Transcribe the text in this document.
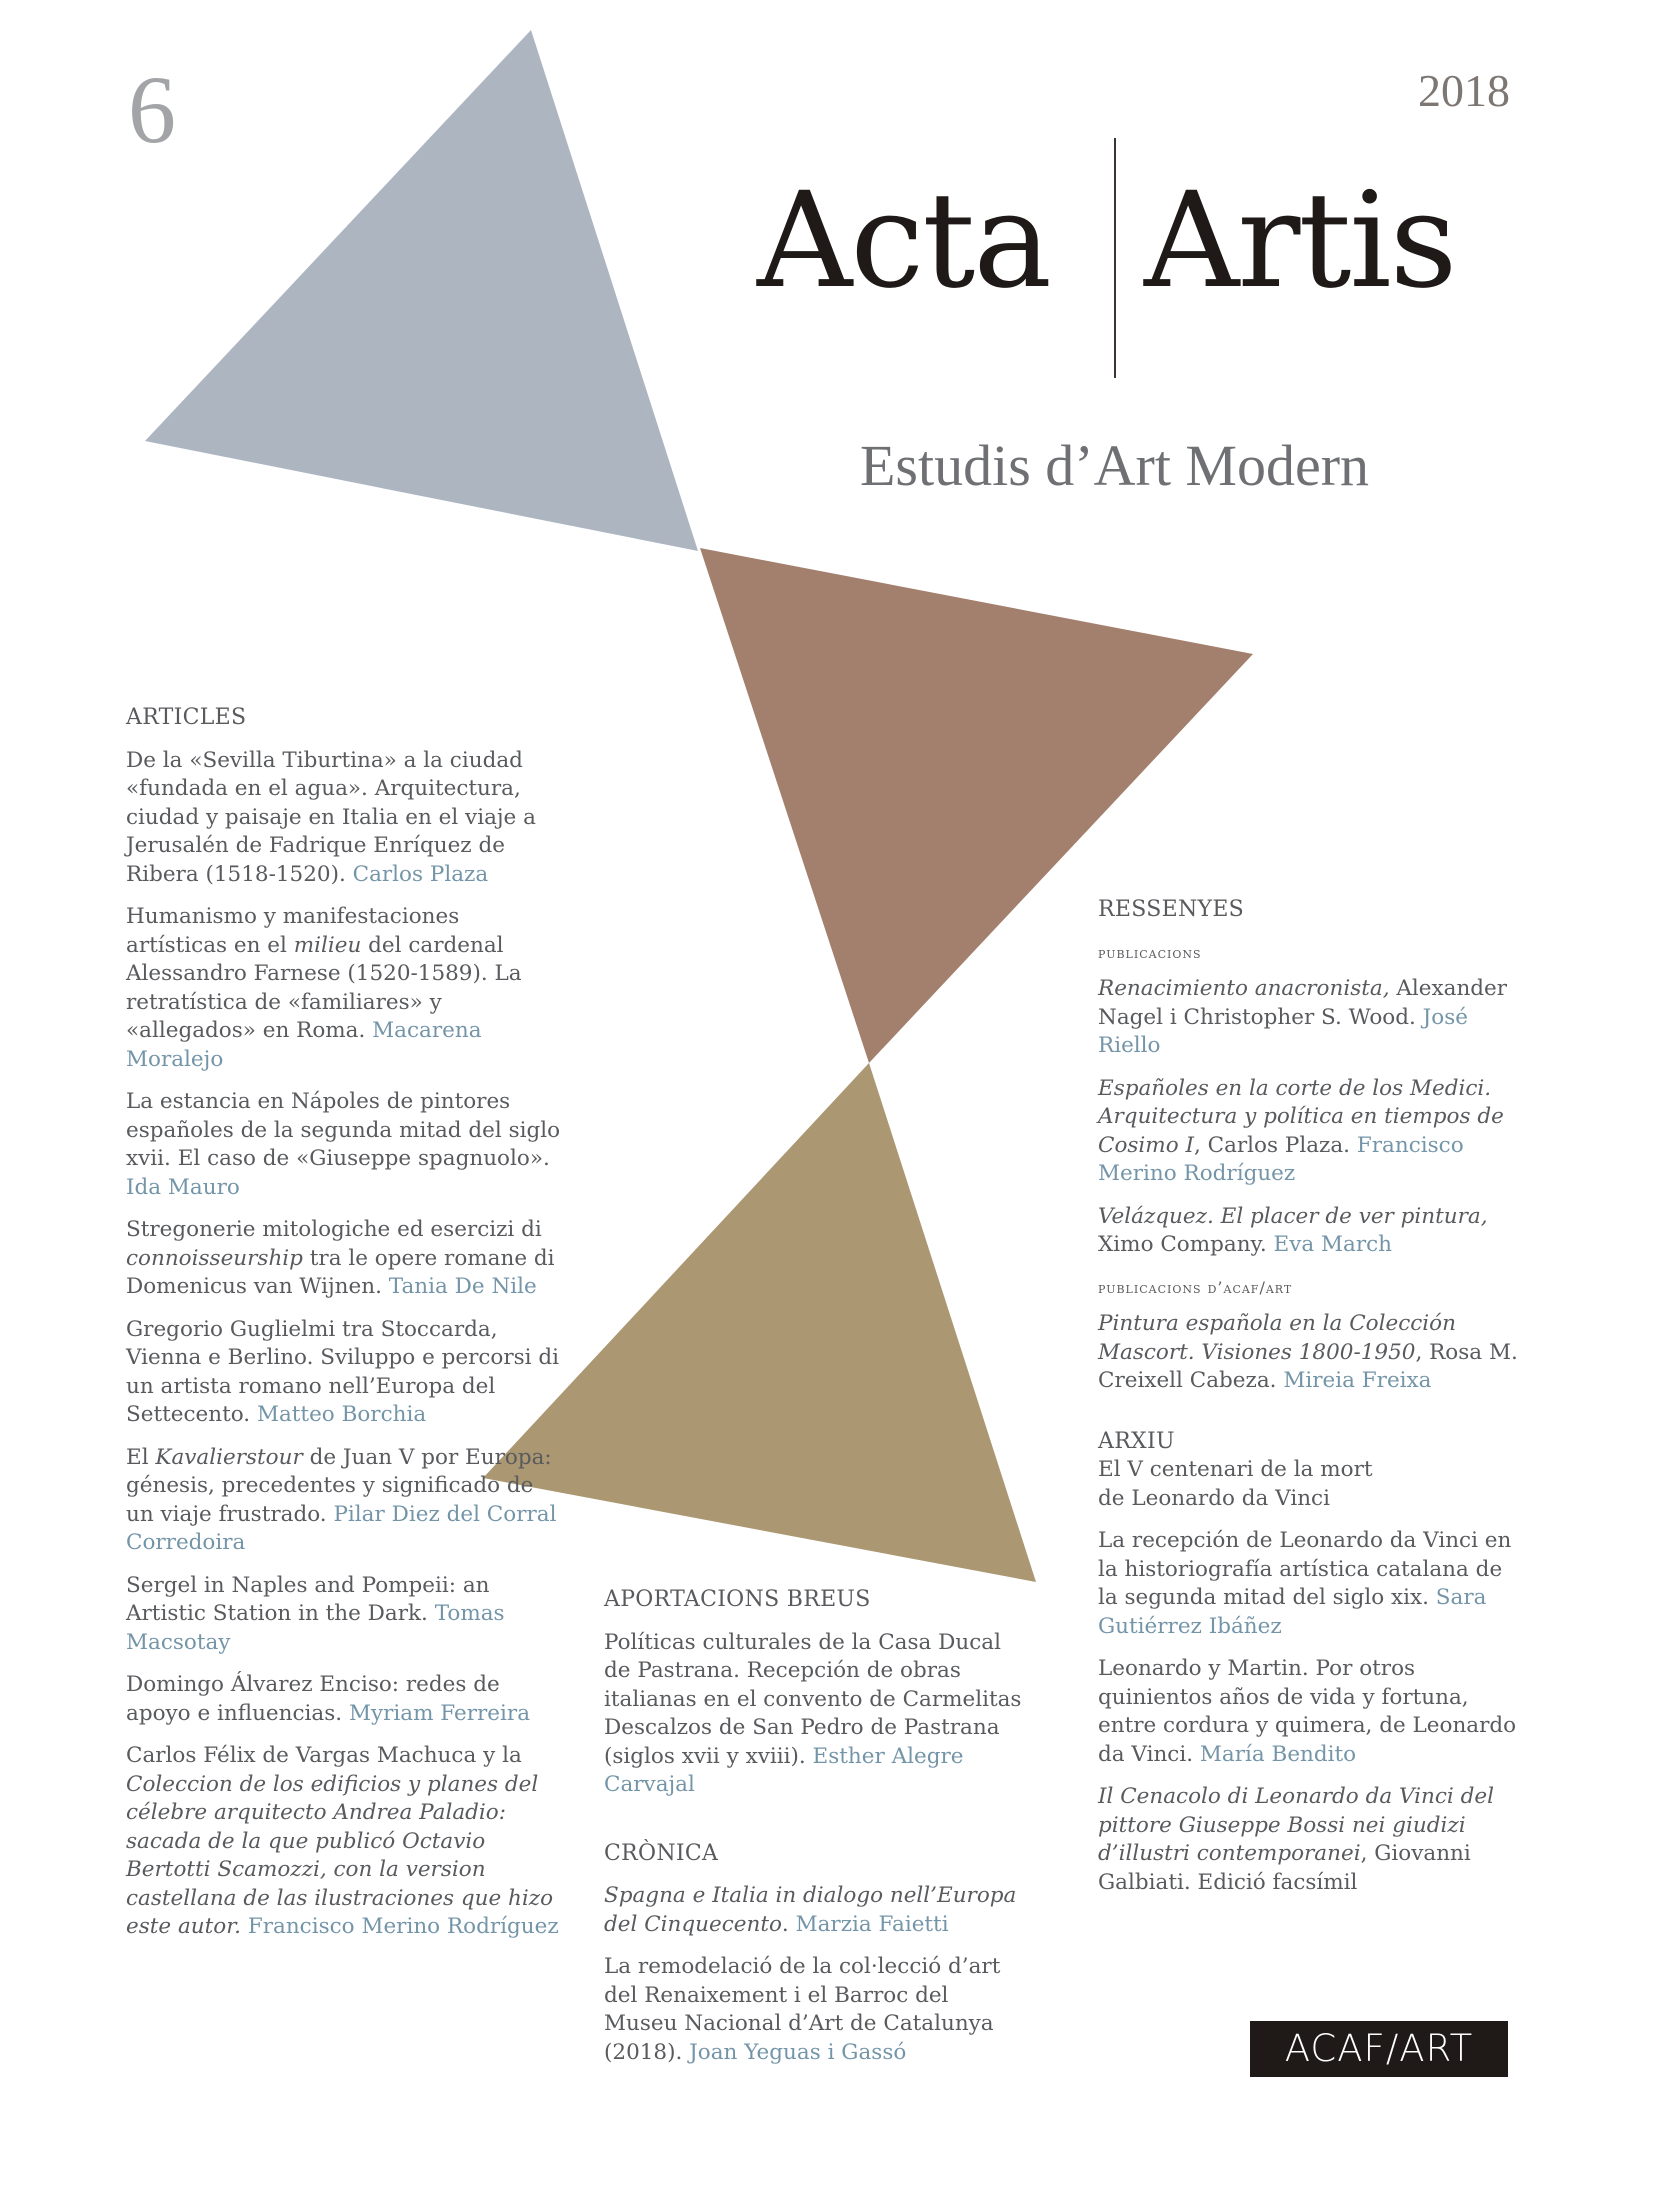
6	2018
Acta Artis
Estudis d’Art Modern
ARTICLES
De la «Sevilla Tiburtina» a la ciudad «fundada en el agua». Arquitectura, ciudad y paisaje en Italia en el viaje a Jerusalén de Fadrique Enríquez de Ribera (1518-1520). Carlos Plaza
Humanismo y manifestaciones artísticas en el milieu del cardenal Alessandro Farnese (1520-1589). La retratística de «familiares» y «allegados» en Roma. Macarena Moralejo
La estancia en Nápoles de pintores españoles de la segunda mitad del siglo xvii. El caso de «Giuseppe spagnuolo». Ida Mauro
Stregonerie mitologiche ed esercizi di connoisseurship tra le opere romane di Domenicus van Wijnen. Tania De Nile
Gregorio Guglielmi tra Stoccarda, Vienna e Berlino. Sviluppo e percorsi di un artista romano nell’Europa del Settecento. Matteo Borchia
El Kavalierstour de Juan V por Europa: génesis, precedentes y significado de un viaje frustrado. Pilar Diez del Corral Corredoira
Sergel in Naples and Pompeii: an Artistic Station in the Dark. Tomas Macsotay
Domingo Álvarez Enciso: redes de apoyo e influencias. Myriam Ferreira
Carlos Félix de Vargas Machuca y la Coleccion de los edificios y planes del célebre arquitecto Andrea Paladio: sacada de la que publicó Octavio Bertotti Scamozzi, con la version castellana de las ilustraciones que hizo este autor. Francisco Merino Rodríguez
APORTACIONS BREUS
Políticas culturales de la Casa Ducal de Pastrana. Recepción de obras italianas en el convento de Carmelitas Descalzos de San Pedro de Pastrana (siglos xvii y xviii). Esther Alegre Carvajal
CRÒNICA
Spagna e Italia in dialogo nell’Europa del Cinquecento. Marzia Faietti
La remodelació de la col·lecció d’art del Renaixement i el Barroc del Museu Nacional d’Art de Catalunya (2018). Joan Yeguas i Gassó
RESSENYES
publicacions
Renacimiento anacronista, Alexander Nagel i Christopher S. Wood. José Riello
Españoles en la corte de los Medici. Arquitectura y política en tiempos de Cosimo I, Carlos Plaza. Francisco Merino Rodríguez
Velázquez. El placer de ver pintura, Ximo Company. Eva March
publicacions d’acaf/art
Pintura española en la Colección Mascort. Visiones 1800-1950, Rosa M. Creixell Cabeza. Mireia Freixa
ARXIU
El V centenari de la mort de Leonardo da Vinci
La recepción de Leonardo da Vinci en la historiografía artística catalana de la segunda mitad del siglo xix. Sara Gutiérrez Ibáñez
Leonardo y Martin. Por otros quinientos años de vida y fortuna, entre cordura y quimera, de Leonardo da Vinci. María Bendito
Il Cenacolo di Leonardo da Vinci del pittore Giuseppe Bossi nei giudizi d’illustri contemporanei, Giovanni Galbiati. Edició facsímil
ACAF/ART
